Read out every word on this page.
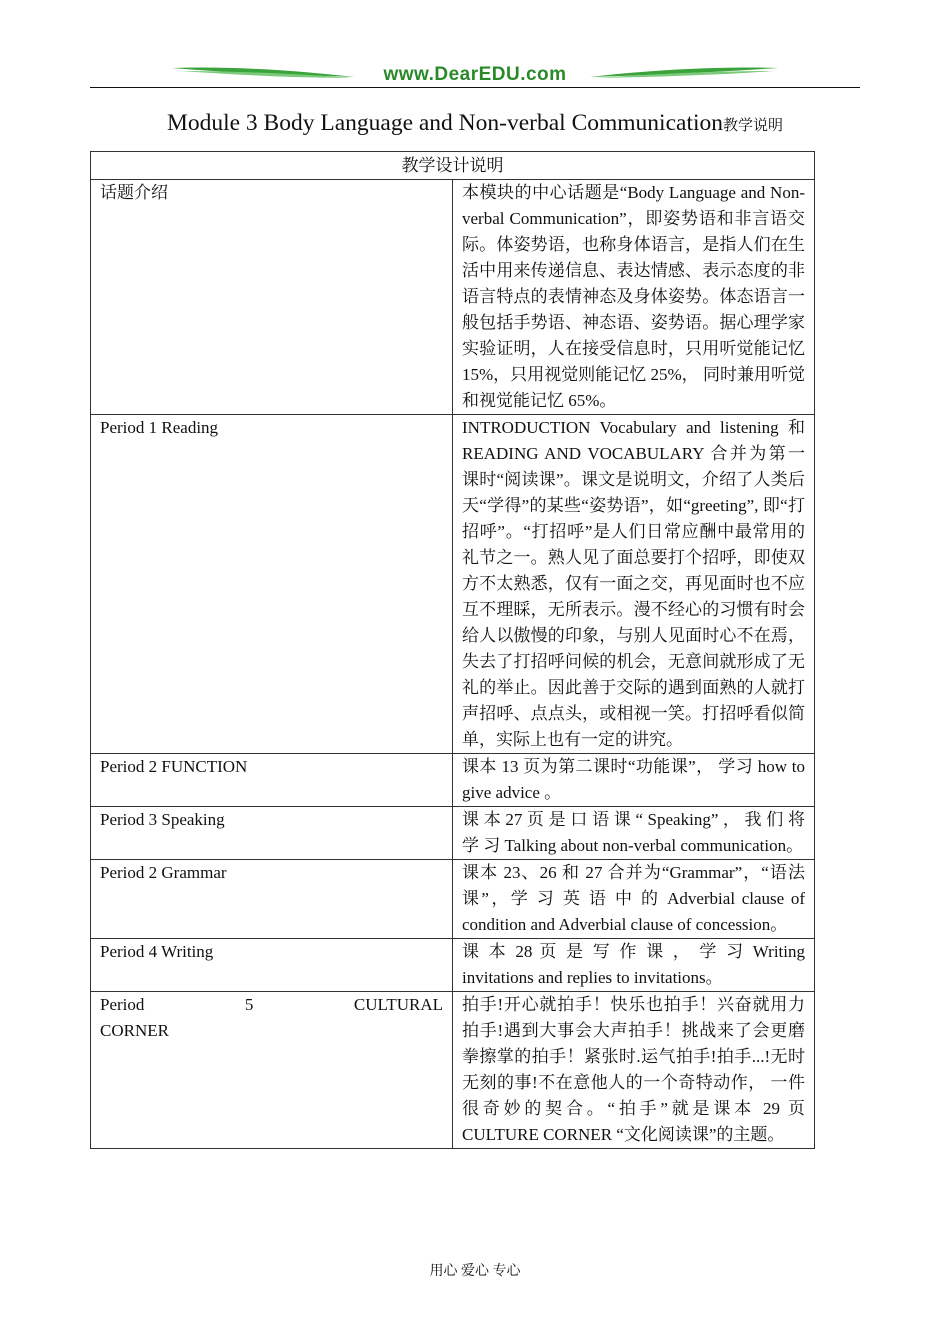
www.DearEDU.com
Module 3 Body Language and Non-verbal Communication教学说明
教学设计说明	
话题介绍	本模块的中心话题是“Body Language and Non-verbal Communication”，即姿势语和非言语交际。体姿势语，也称身体语言，是指人们在生活中用来传递信息、表达情感、表示态度的非语言特点的表情神态及身体姿势。体态语言一般包括手势语、神态语、姿势语。据心理学家实验证明，人在接受信息时，只用听觉能记忆 15%，只用视觉则能记忆 25%， 同时兼用听觉和视觉能记忆 65%。
Period 1 Reading	INTRODUCTION Vocabulary and listening 和 READING AND VOCABULARY 合并为第一课时“阅读课”。课文是说明文，介绍了人类后天“学得”的某些“姿势语”，如“greeting”, 即“打招呼”。“打招呼”是人们日常应酬中最常用的礼节之一。熟人见了面总要打个招呼，即使双方不太熟悉，仅有一面之交，再见面时也不应互不理睬，无所表示。漫不经心的习惯有时会给人以傲慢的印象，与别人见面时心不在焉，失去了打招呼问候的机会，无意间就形成了无礼的举止。因此善于交际的遇到面熟的人就打声招呼、点点头，或相视一笑。打招呼看似简单，实际上也有一定的讲究。
Period 2 FUNCTION	课本 13 页为第二课时“功能课”， 学习 how to give advice 。
Period 3 Speaking	课 本 27 页 是 口 语 课 “ Speaking” ， 我 们 将 学 习 Talking about non-verbal communication。
Period 2 Grammar	课本 23、26 和 27 合并为“Grammar”，“语法课”，学 习 英 语 中 的 Adverbial clause of condition and Adverbial clause of concession。
Period 4 Writing	课 本 28 页 是 写 作 课 ， 学 习 Writing invitations and replies to invitations。

Period 5 CULTURAL
CORNER	拍手!开心就拍手！快乐也拍手！兴奋就用力拍手!遇到大事会大声拍手！挑战来了会更磨拳擦掌的拍手！紧张时.运气拍手!拍手...!无时无刻的事!不在意他人的一个奇特动作， 一件很奇妙的契合。“拍手”就是课本 29 页 CULTURE CORNER “文化阅读课”的主题。
用心 爱心 专心
